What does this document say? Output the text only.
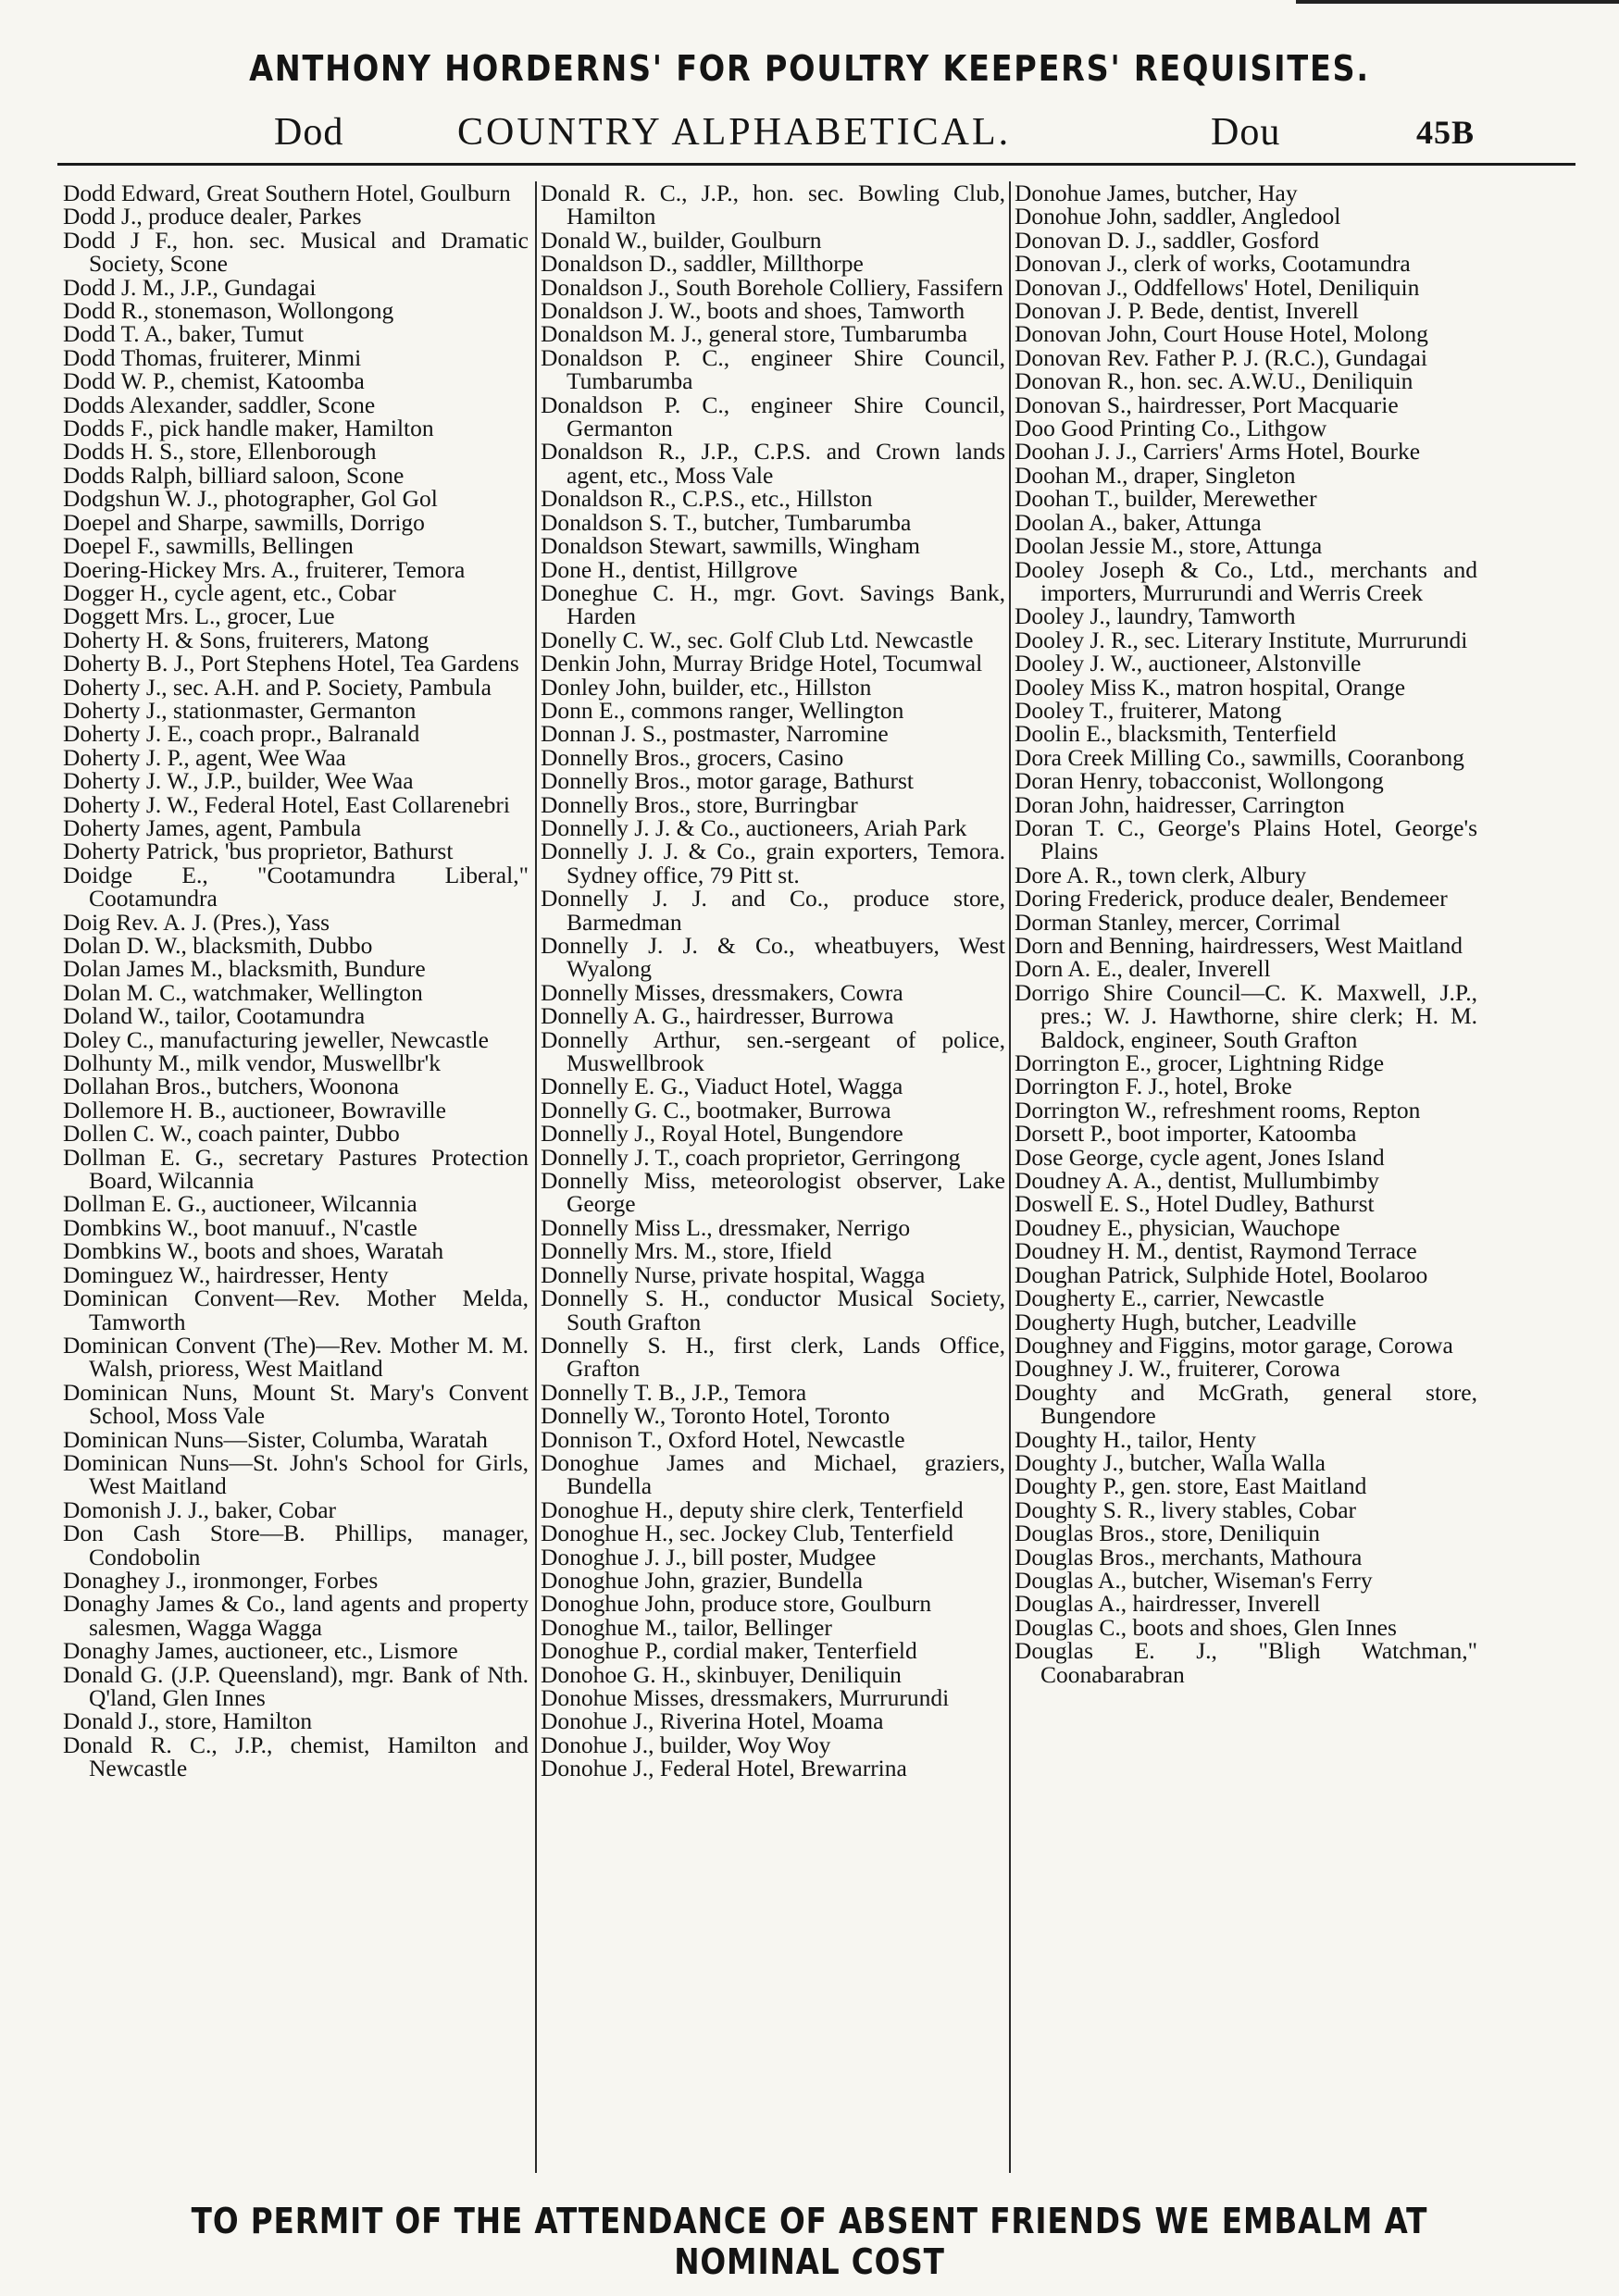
ANTHONY HORDERNS' FOR POULTRY KEEPERS' REQUISITES.
Dod	COUNTRY ALPHABETICAL.	Dou	45B

Dodd Edward, Great Southern Hotel, Goulburn

Dodd J., produce dealer, Parkes

Dodd J F., hon. sec. Musical and Dramatic Society, Scone

Dodd J. M., J.P., Gundagai

Dodd R., stonemason, Wollongong

Dodd T. A., baker, Tumut

Dodd Thomas, fruiterer, Minmi

Dodd W. P., chemist, Katoomba

Dodds Alexander, saddler, Scone

Dodds F., pick handle maker, Hamilton

Dodds H. S., store, Ellenborough

Dodds Ralph, billiard saloon, Scone

Dodgshun W. J., photographer, Gol Gol

Doepel and Sharpe, sawmills, Dorrigo

Doepel F., sawmills, Bellingen

Doering-Hickey Mrs. A., fruiterer, Temora

Dogger H., cycle agent, etc., Cobar

Doggett Mrs. L., grocer, Lue

Doherty H. & Sons, fruiterers, Matong

Doherty B. J., Port Stephens Hotel, Tea Gardens

Doherty J., sec. A.H. and P. Society, Pambula

Doherty J., stationmaster, Germanton

Doherty J. E., coach propr., Balranald

Doherty J. P., agent, Wee Waa

Doherty J. W., J.P., builder, Wee Waa

Doherty J. W., Federal Hotel, East Collarenebri

Doherty James, agent, Pambula

Doherty Patrick, 'bus proprietor, Bathurst

Doidge E., "Cootamundra Liberal," Cootamundra

Doig Rev. A. J. (Pres.), Yass

Dolan D. W., blacksmith, Dubbo

Dolan James M., blacksmith, Bundure

Dolan M. C., watchmaker, Wellington

Doland W., tailor, Cootamundra

Doley C., manufacturing jeweller, Newcastle

Dolhunty M., milk vendor, Muswellbr'k

Dollahan Bros., butchers, Woonona

Dollemore H. B., auctioneer, Bowraville

Dollen C. W., coach painter, Dubbo

Dollman E. G., secretary Pastures Protection Board, Wilcannia

Dollman E. G., auctioneer, Wilcannia

Dombkins W., boot manuuf., N'castle

Dombkins W., boots and shoes, Waratah

Dominguez W., hairdresser, Henty

Dominican Convent—Rev. Mother Melda, Tamworth

Dominican Convent (The)—Rev. Mother M. M. Walsh, prioress, West Maitland

Dominican Nuns, Mount St. Mary's Convent School, Moss Vale

Dominican Nuns—Sister, Columba, Waratah

Dominican Nuns—St. John's School for Girls, West Maitland

Domonish J. J., baker, Cobar

Don Cash Store—B. Phillips, manager, Condobolin

Donaghey J., ironmonger, Forbes

Donaghy James & Co., land agents and property salesmen, Wagga Wagga

Donaghy James, auctioneer, etc., Lismore

Donald G. (J.P. Queensland), mgr. Bank of Nth. Q'land, Glen Innes

Donald J., store, Hamilton

Donald R. C., J.P., chemist, Hamilton and Newcastle

Donald R. C., J.P., hon. sec. Bowling Club, Hamilton

Donald W., builder, Goulburn

Donaldson D., saddler, Millthorpe

Donaldson J., South Borehole Colliery, Fassifern

Donaldson J. W., boots and shoes, Tamworth

Donaldson M. J., general store, Tumbarumba

Donaldson P. C., engineer Shire Council, Tumbarumba

Donaldson P. C., engineer Shire Council, Germanton

Donaldson R., J.P., C.P.S. and Crown lands agent, etc., Moss Vale

Donaldson R., C.P.S., etc., Hillston

Donaldson S. T., butcher, Tumbarumba

Donaldson Stewart, sawmills, Wingham

Done H., dentist, Hillgrove

Doneghue C. H., mgr. Govt. Savings Bank, Harden

Donelly C. W., sec. Golf Club Ltd. Newcastle

Denkin John, Murray Bridge Hotel, Tocumwal

Donley John, builder, etc., Hillston

Donn E., commons ranger, Wellington

Donnan J. S., postmaster, Narromine

Donnelly Bros., grocers, Casino

Donnelly Bros., motor garage, Bathurst

Donnelly Bros., store, Burringbar

Donnelly J. J. & Co., auctioneers, Ariah Park

Donnelly J. J. & Co., grain exporters, Temora. Sydney office, 79 Pitt st.

Donnelly J. J. and Co., produce store, Barmedman

Donnelly J. J. & Co., wheatbuyers, West Wyalong

Donnelly Misses, dressmakers, Cowra

Donnelly A. G., hairdresser, Burrowa

Donnelly Arthur, sen.-sergeant of police, Muswellbrook

Donnelly E. G., Viaduct Hotel, Wagga

Donnelly G. C., bootmaker, Burrowa

Donnelly J., Royal Hotel, Bungendore

Donnelly J. T., coach proprietor, Gerringong

Donnelly Miss, meteorologist observer, Lake George

Donnelly Miss L., dressmaker, Nerrigo

Donnelly Mrs. M., store, Ifield

Donnelly Nurse, private hospital, Wagga

Donnelly S. H., conductor Musical Society, South Grafton

Donnelly S. H., first clerk, Lands Office, Grafton

Donnelly T. B., J.P., Temora

Donnelly W., Toronto Hotel, Toronto

Donnison T., Oxford Hotel, Newcastle

Donoghue James and Michael, graziers, Bundella

Donoghue H., deputy shire clerk, Tenterfield

Donoghue H., sec. Jockey Club, Tenterfield

Donoghue J. J., bill poster, Mudgee

Donoghue John, grazier, Bundella

Donoghue John, produce store, Goulburn

Donoghue M., tailor, Bellinger

Donoghue P., cordial maker, Tenterfield

Donohoe G. H., skinbuyer, Deniliquin

Donohue Misses, dressmakers, Murrurundi

Donohue J., Riverina Hotel, Moama

Donohue J., builder, Woy Woy

Donohue J., Federal Hotel, Brewarrina

Donohue James, butcher, Hay

Donohue John, saddler, Angledool

Donovan D. J., saddler, Gosford

Donovan J., clerk of works, Cootamundra

Donovan J., Oddfellows' Hotel, Deniliquin

Donovan J. P. Bede, dentist, Inverell

Donovan John, Court House Hotel, Molong

Donovan Rev. Father P. J. (R.C.), Gundagai

Donovan R., hon. sec. A.W.U., Deniliquin

Donovan S., hairdresser, Port Macquarie

Doo Good Printing Co., Lithgow

Doohan J. J., Carriers' Arms Hotel, Bourke

Doohan M., draper, Singleton

Doohan T., builder, Merewether

Doolan A., baker, Attunga

Doolan Jessie M., store, Attunga

Dooley Joseph & Co., Ltd., merchants and importers, Murrurundi and Werris Creek

Dooley J., laundry, Tamworth

Dooley J. R., sec. Literary Institute, Murrurundi

Dooley J. W., auctioneer, Alstonville

Dooley Miss K., matron hospital, Orange

Dooley T., fruiterer, Matong

Doolin E., blacksmith, Tenterfield

Dora Creek Milling Co., sawmills, Cooranbong

Doran Henry, tobacconist, Wollongong

Doran John, haidresser, Carrington

Doran T. C., George's Plains Hotel, George's Plains

Dore A. R., town clerk, Albury

Doring Frederick, produce dealer, Bendemeer

Dorman Stanley, mercer, Corrimal

Dorn and Benning, hairdressers, West Maitland

Dorn A. E., dealer, Inverell

Dorrigo Shire Council—C. K. Maxwell, J.P., pres.; W. J. Hawthorne, shire clerk; H. M. Baldock, engineer, South Grafton

Dorrington E., grocer, Lightning Ridge

Dorrington F. J., hotel, Broke

Dorrington W., refreshment rooms, Repton

Dorsett P., boot importer, Katoomba

Dose George, cycle agent, Jones Island

Doudney A. A., dentist, Mullumbimby

Doswell E. S., Hotel Dudley, Bathurst

Doudney E., physician, Wauchope

Doudney H. M., dentist, Raymond Terrace

Doughan Patrick, Sulphide Hotel, Boolaroo

Dougherty E., carrier, Newcastle

Dougherty Hugh, butcher, Leadville

Doughney and Figgins, motor garage, Corowa

Doughney J. W., fruiterer, Corowa

Doughty and McGrath, general store, Bungendore

Doughty H., tailor, Henty

Doughty J., butcher, Walla Walla

Doughty P., gen. store, East Maitland

Doughty S. R., livery stables, Cobar

Douglas Bros., store, Deniliquin

Douglas Bros., merchants, Mathoura

Douglas A., butcher, Wiseman's Ferry

Douglas A., hairdresser, Inverell

Douglas C., boots and shoes, Glen Innes

Douglas E. J., "Bligh Watchman," Coonabarabran

TO PERMIT OF THE ATTENDANCE OF ABSENT FRIENDS WE EMBALM AT NOMINAL COST
